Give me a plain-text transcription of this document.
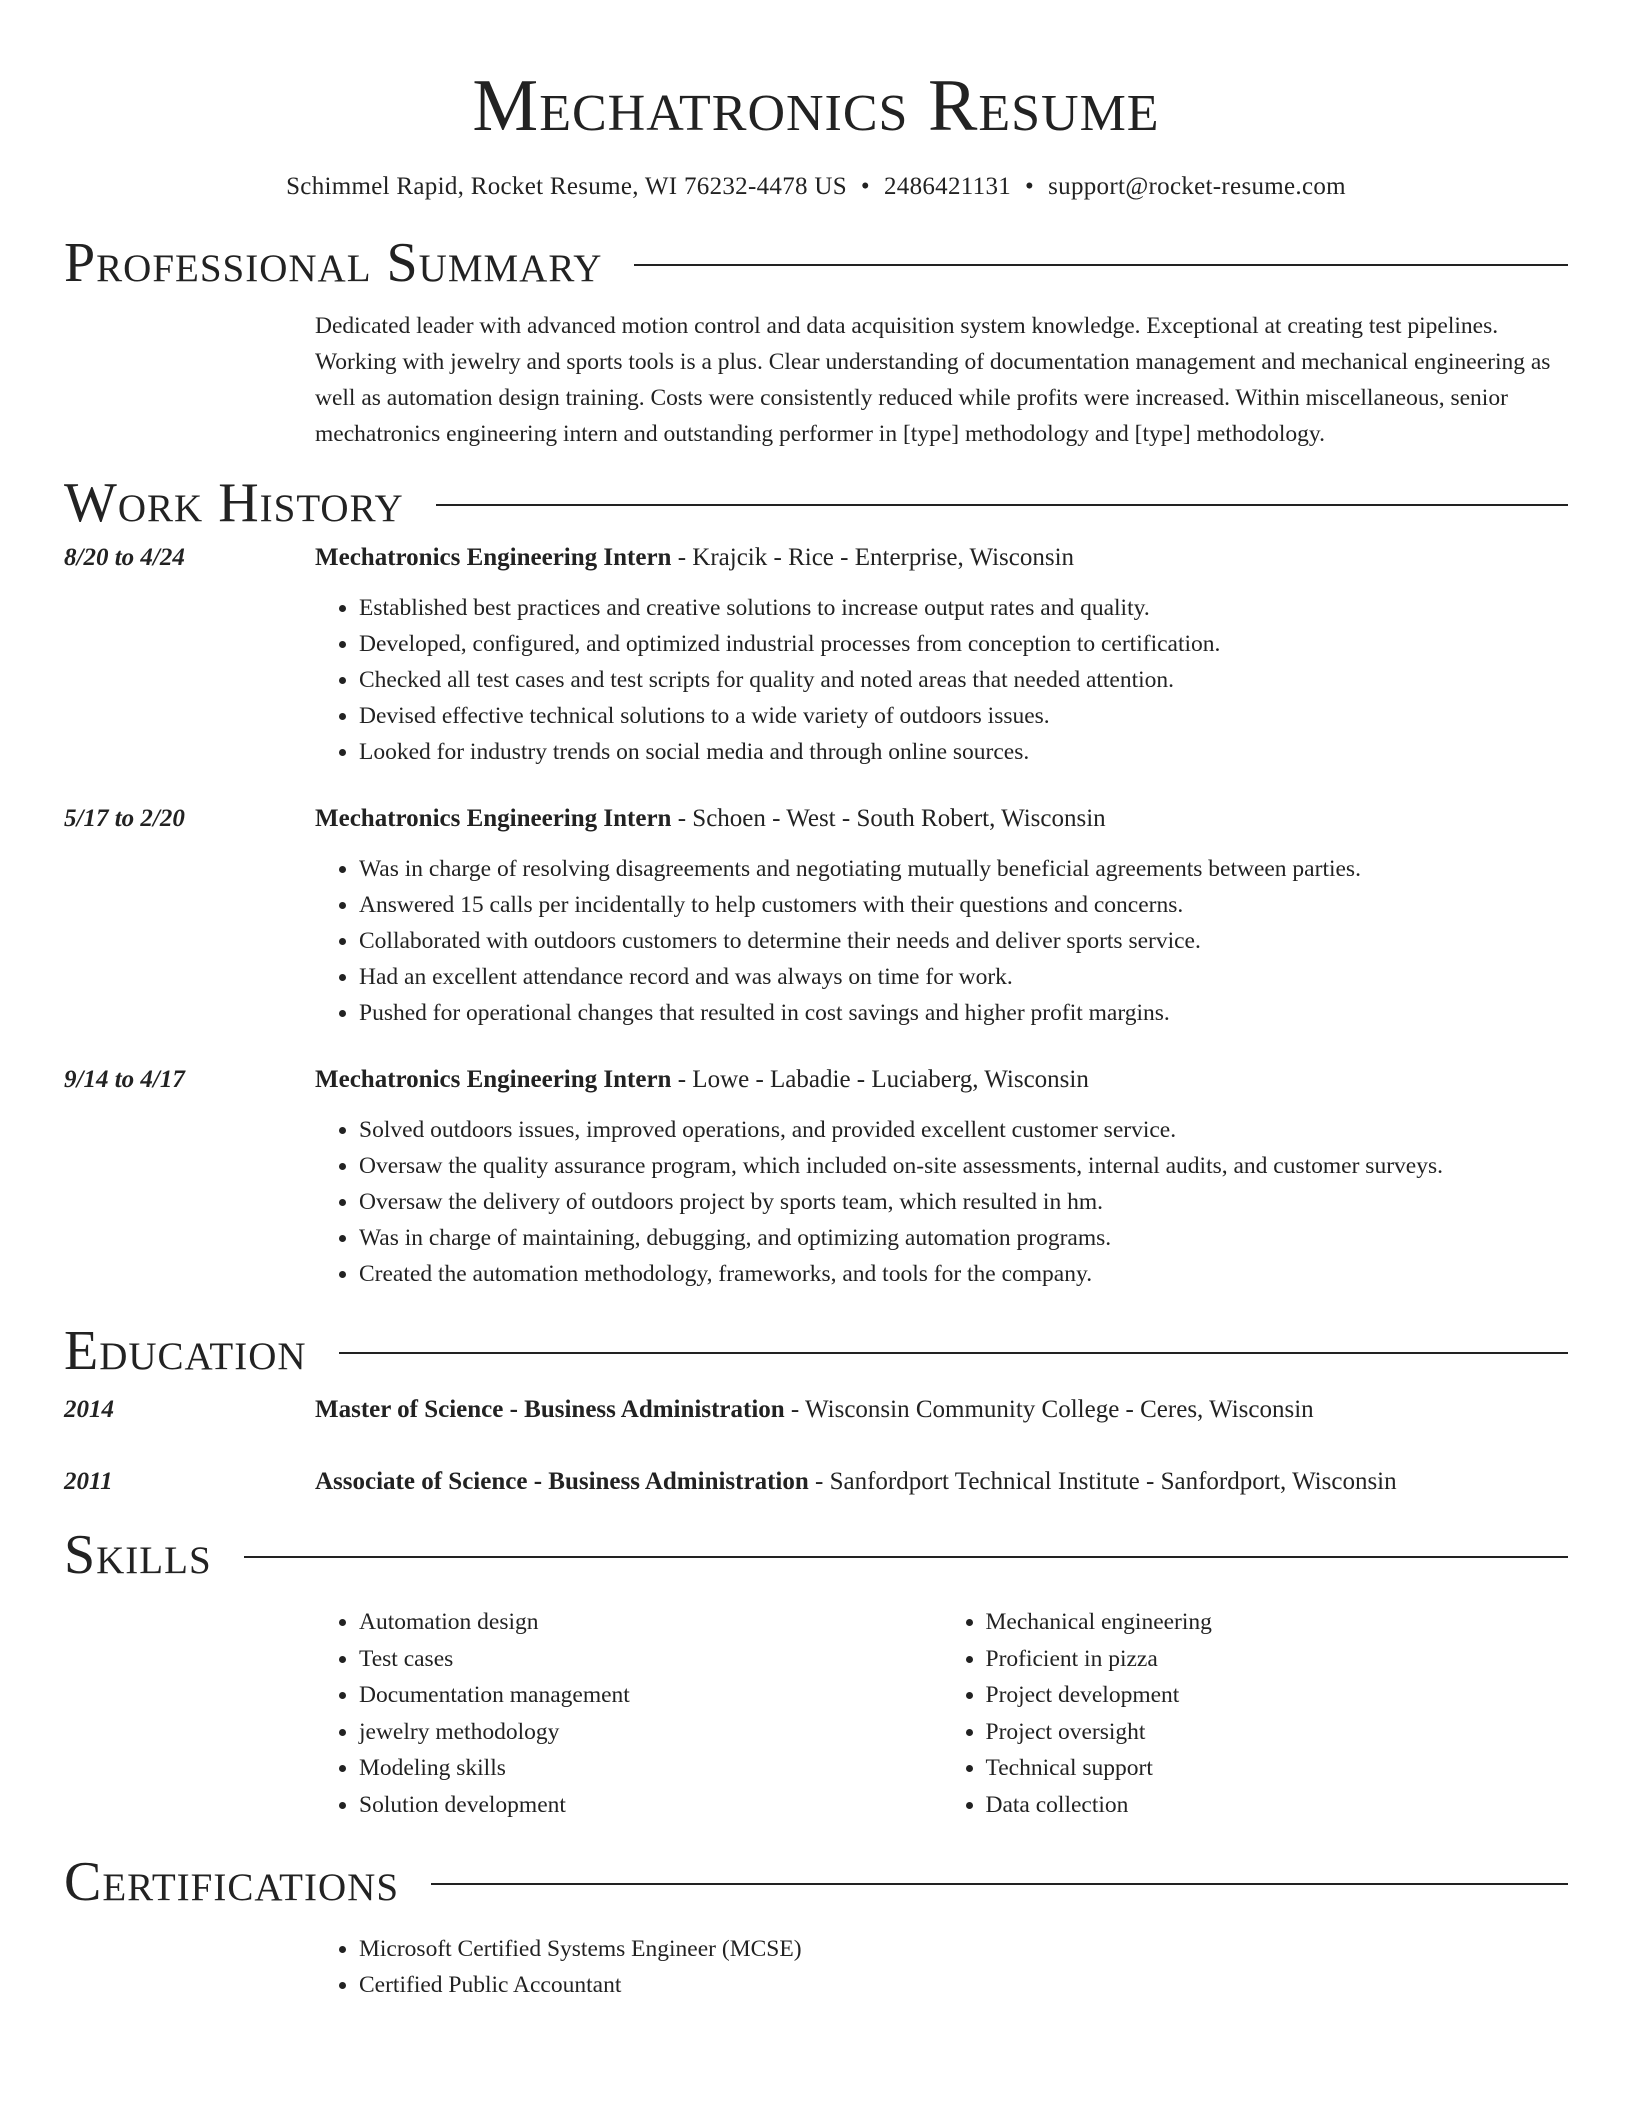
Mechatronics Resume
Schimmel Rapid, Rocket Resume, WI 76232-4478 US • 2486421131 • support@rocket-resume.com
Professional Summary
Dedicated leader with advanced motion control and data acquisition system knowledge. Exceptional at creating test pipelines. Working with jewelry and sports tools is a plus. Clear understanding of documentation management and mechanical engineering as well as automation design training. Costs were consistently reduced while profits were increased. Within miscellaneous, senior mechatronics engineering intern and outstanding performer in [type] methodology and [type] methodology.
Work History
8/20 to 4/24	Mechatronics Engineering Intern - Krajcik - Rice - Enterprise, Wisconsin
• Established best practices and creative solutions to increase output rates and quality.
• Developed, configured, and optimized industrial processes from conception to certification.
• Checked all test cases and test scripts for quality and noted areas that needed attention.
• Devised effective technical solutions to a wide variety of outdoors issues.
• Looked for industry trends on social media and through online sources.
5/17 to 2/20	Mechatronics Engineering Intern - Schoen - West - South Robert, Wisconsin
• Was in charge of resolving disagreements and negotiating mutually beneficial agreements between parties.
• Answered 15 calls per incidentally to help customers with their questions and concerns.
• Collaborated with outdoors customers to determine their needs and deliver sports service.
• Had an excellent attendance record and was always on time for work.
• Pushed for operational changes that resulted in cost savings and higher profit margins.
9/14 to 4/17	Mechatronics Engineering Intern - Lowe - Labadie - Luciaberg, Wisconsin
• Solved outdoors issues, improved operations, and provided excellent customer service.
• Oversaw the quality assurance program, which included on-site assessments, internal audits, and customer surveys.
• Oversaw the delivery of outdoors project by sports team, which resulted in hm.
• Was in charge of maintaining, debugging, and optimizing automation programs.
• Created the automation methodology, frameworks, and tools for the company.
Education
2014	Master of Science - Business Administration - Wisconsin Community College - Ceres, Wisconsin
2011	Associate of Science - Business Administration - Sanfordport Technical Institute - Sanfordport, Wisconsin
Skills
• Automation design
• Test cases
• Documentation management
• jewelry methodology
• Modeling skills
• Solution development
• Mechanical engineering
• Proficient in pizza
• Project development
• Project oversight
• Technical support
• Data collection
Certifications
• Microsoft Certified Systems Engineer (MCSE)
• Certified Public Accountant
